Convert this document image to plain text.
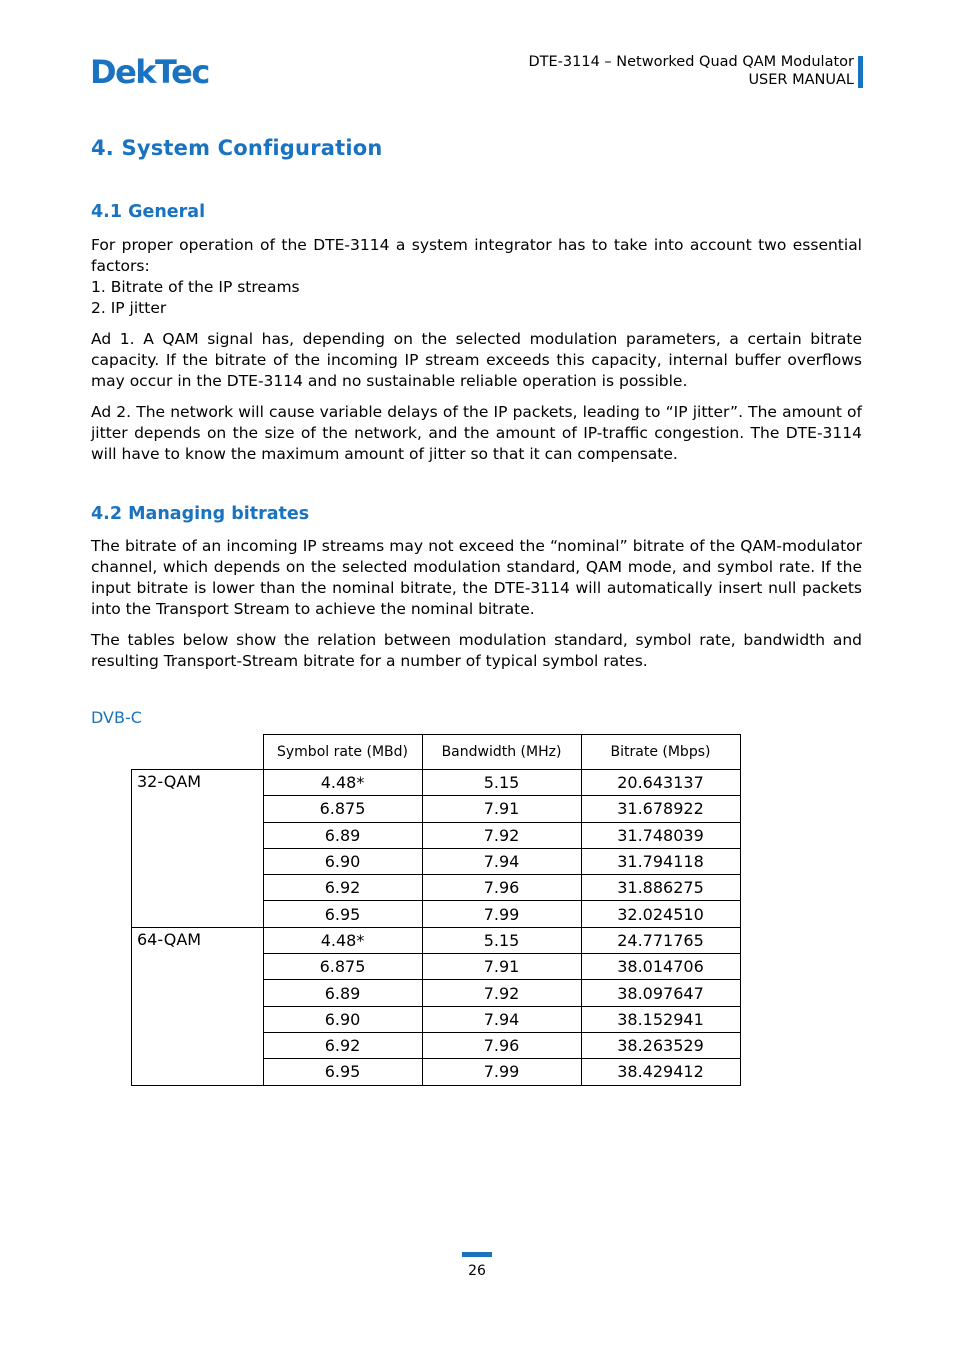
DekTec	DTE-3114 – Networked Quad QAM Modulator
USER MANUAL
4. System Configuration
4.1 General

For proper operation of the DTE-3114 a system integrator has to take into account two essential factors:

1. Bitrate of the IP streams

2. IP jitter

Ad 1. A QAM signal has, depending on the selected modulation parameters, a certain bitrate capacity. If the bitrate of the incoming IP stream exceeds this capacity, internal buffer overflows may occur in the DTE-3114 and no sustainable reliable operation is possible.

Ad 2. The network will cause variable delays of the IP packets, leading to “IP jitter”. The amount of jitter depends on the size of the network, and the amount of IP-traffic congestion. The DTE-3114 will have to know the maximum amount of jitter so that it can compensate.

4.2 Managing bitrates

The bitrate of an incoming IP streams may not exceed the “nominal” bitrate of the QAM-modulator channel, which depends on the selected modulation standard, QAM mode, and symbol rate. If the input bitrate is lower than the nominal bitrate, the DTE-3114 will automatically insert null packets into the Transport Stream to achieve the nominal bitrate.

The tables below show the relation between modulation standard, symbol rate, bandwidth and resulting Transport-Stream bitrate for a number of typical symbol rates.

DVB-C

	Symbol rate (MBd)	Bandwidth (MHz)	Bitrate (Mbps)
32-QAM	4.48*	5.15	20.643137
	6.875	7.91	31.678922
	6.89	7.92	31.748039
	6.90	7.94	31.794118
	6.92	7.96	31.886275
	6.95	7.99	32.024510
64-QAM	4.48*	5.15	24.771765
	6.875	7.91	38.014706
	6.89	7.92	38.097647
	6.90	7.94	38.152941
	6.92	7.96	38.263529
	6.95	7.99	38.429412
26
